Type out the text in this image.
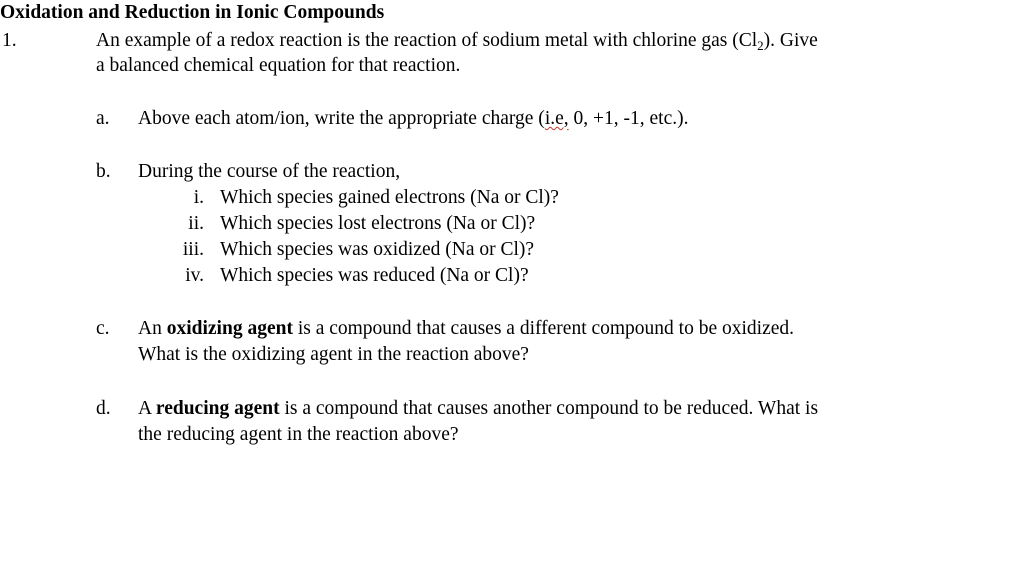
Oxidation and Reduction in Ionic Compounds
1.	An example of a redox reaction is the reaction of sodium metal with chlorine gas $(Cl_2)$. Give
a balanced chemical equation for that reaction.
a. Above each atom/ion, write the appropriate charge (i.e, 0, +1, -1, etc.).
b. During the course of the reaction,
i. Which species gained electrons (Na or Cl)?
ii. Which species lost electrons (Na or Cl)?
iii. Which species was oxidized (Na or Cl)?
iv. Which species was reduced (Na or Cl)?
c. An oxidizing agent is a compound that causes a different compound to be oxidized.
What is the oxidizing agent in the reaction above?
d. A reducing agent is a compound that causes another compound to be reduced. What is
the reducing agent in the reaction above?
